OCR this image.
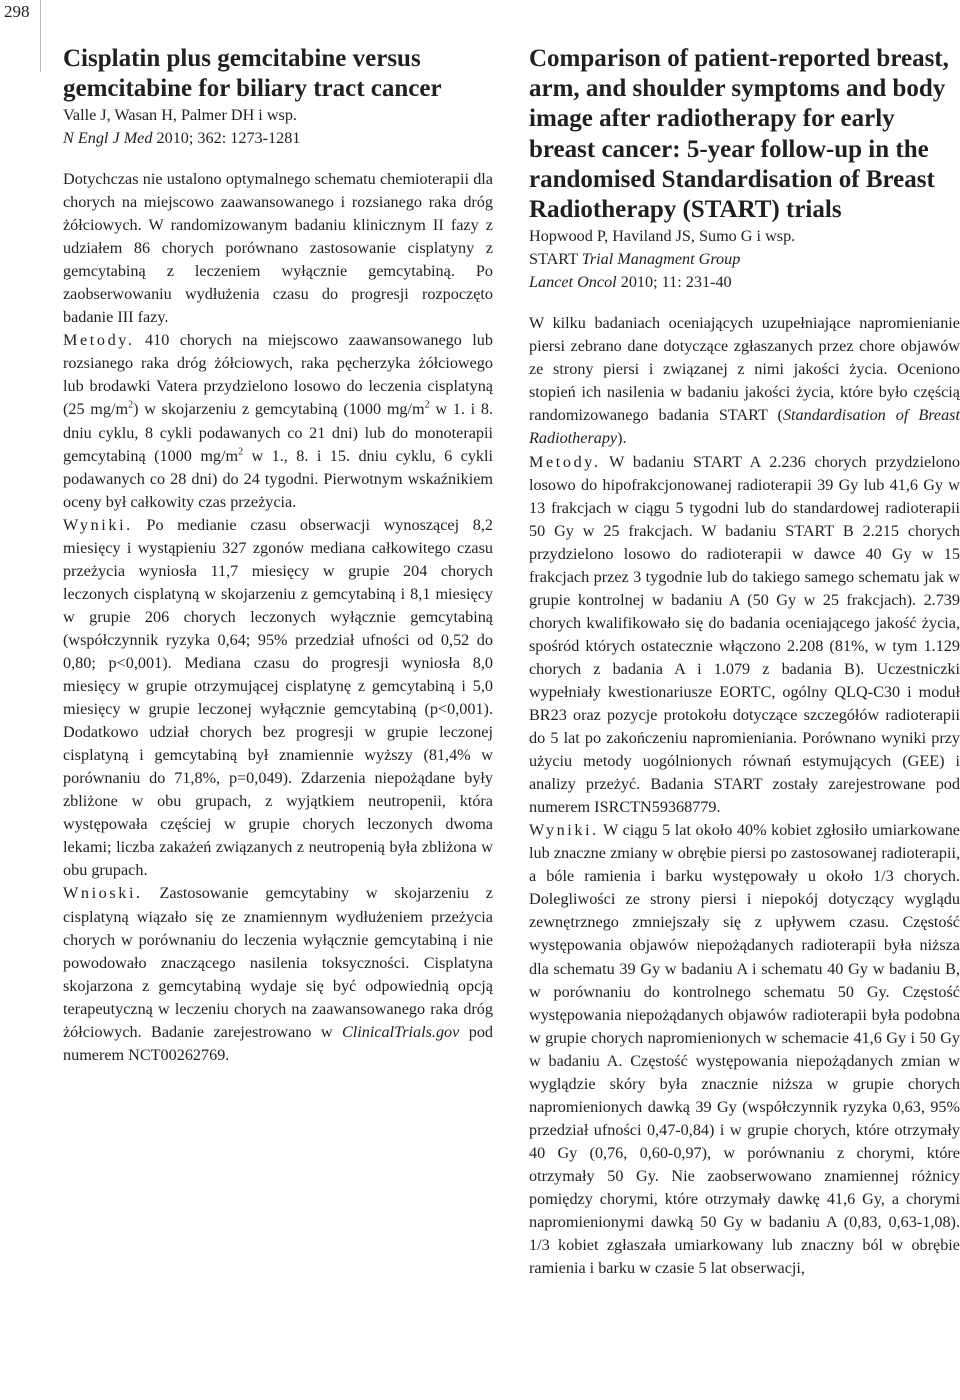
298
Cisplatin plus gemcitabine versus gemcitabine for biliary tract cancer

Valle J, Wasan H, Palmer DH i wsp.

N Engl J Med 2010; 362: 1273-1281

Dotychczas nie ustalono optymalnego schematu chemioterapii dla chorych na miejscowo zaawansowanego i rozsianego raka dróg żółciowych. W randomizowanym badaniu klinicznym II fazy z udziałem 86 chorych porównano zastosowanie cisplatyny z gemcytabiną z leczeniem wyłącznie gemcytabiną. Po zaobserwowaniu wydłużenia czasu do progresji rozpoczęto badanie III fazy.

Metody. 410 chorych na miejscowo zaawansowanego lub rozsianego raka dróg żółciowych, raka pęcherzyka żółciowego lub brodawki Vatera przydzielono losowo do leczenia cisplatyną (25 $mg/m^2$) w skojarzeniu z gemcytabiną (1000 $mg/m^2$ w 1. i 8. dniu cyklu, 8 cykli podawanych co 21 dni) lub do monoterapii gemcytabiną (1000 $mg/m^2$ w 1., 8. i 15. dniu cyklu, 6 cykli podawanych co 28 dni) do 24 tygodni. Pierwotnym wskaźnikiem oceny był całkowity czas przeżycia.

Wyniki. Po medianie czasu obserwacji wynoszącej 8,2 miesięcy i wystąpieniu 327 zgonów mediana całkowitego czasu przeżycia wyniosła 11,7 miesięcy w grupie 204 chorych leczonych cisplatyną w skojarzeniu z gemcytabiną i 8,1 miesięcy w grupie 206 chorych leczonych wyłącznie gemcytabiną (współczynnik ryzyka 0,64; 95% przedział ufności od 0,52 do 0,80; p<0,001). Mediana czasu do progresji wyniosła 8,0 miesięcy w grupie otrzymującej cisplatynę z gemcytabiną i 5,0 miesięcy w grupie leczonej wyłącznie gemcytabiną (p<0,001). Dodatkowo udział chorych bez progresji w grupie leczonej cisplatyną i gemcytabiną był znamiennie wyższy (81,4% w porównaniu do 71,8%, p=0,049). Zdarzenia niepożądane były zbliżone w obu grupach, z wyjątkiem neutropenii, która występowała częściej w grupie chorych leczonych dwoma lekami; liczba zakażeń związanych z neutropenią była zbliżona w obu grupach.

Wnioski. Zastosowanie gemcytabiny w skojarzeniu z cisplatyną wiązało się ze znamiennym wydłużeniem przeżycia chorych w porównaniu do leczenia wyłącznie gemcytabiną i nie powodowało znaczącego nasilenia toksyczności. Cisplatyna skojarzona z gemcytabiną wydaje się być odpowiednią opcją terapeutyczną w leczeniu chorych na zaawansowanego raka dróg żółciowych. Badanie zarejestrowano w ClinicalTrials.gov pod numerem NCT00262769.

Comparison of patient-reported breast, arm, and shoulder symptoms and body image after radiotherapy for early breast cancer: 5-year follow-up in the randomised Standardisation of Breast Radiotherapy (START) trials

Hopwood P, Haviland JS, Sumo G i wsp.

START Trial Managment Group

Lancet Oncol 2010; 11: 231-40

W kilku badaniach oceniających uzupełniające napromienianie piersi zebrano dane dotyczące zgłaszanych przez chore objawów ze strony piersi i związanej z nimi jakości życia. Oceniono stopień ich nasilenia w badaniu jakości życia, które było częścią randomizowanego badania START (Standardisation of Breast Radiotherapy).

Metody. W badaniu START A 2.236 chorych przydzielono losowo do hipofrakcjonowanej radioterapii 39 Gy lub 41,6 Gy w 13 frakcjach w ciągu 5 tygodni lub do standardowej radioterapii 50 Gy w 25 frakcjach. W badaniu START B 2.215 chorych przydzielono losowo do radioterapii w dawce 40 Gy w 15 frakcjach przez 3 tygodnie lub do takiego samego schematu jak w grupie kontrolnej w badaniu A (50 Gy w 25 frakcjach). 2.739 chorych kwalifikowało się do badania oceniającego jakość życia, spośród których ostatecznie włączono 2.208 (81%, w tym 1.129 chorych z badania A i 1.079 z badania B). Uczestniczki wypełniały kwestionariusze EORTC, ogólny QLQ-C30 i moduł BR23 oraz pozycje protokołu dotyczące szczegółów radioterapii do 5 lat po zakończeniu napromieniania. Porównano wyniki przy użyciu metody uogólnionych równań estymujących (GEE) i analizy przeżyć. Badania START zostały zarejestrowane pod numerem ISRCTN59368779.

Wyniki. W ciągu 5 lat około 40% kobiet zgłosiło umiarkowane lub znaczne zmiany w obrębie piersi po zastosowanej radioterapii, a bóle ramienia i barku występowały u około 1/3 chorych. Dolegliwości ze strony piersi i niepokój dotyczący wyglądu zewnętrznego zmniejszały się z upływem czasu. Częstość występowania objawów niepożądanych radioterapii była niższa dla schematu 39 Gy w badaniu A i schematu 40 Gy w badaniu B, w porównaniu do kontrolnego schematu 50 Gy. Częstość występowania niepożądanych objawów radioterapii była podobna w grupie chorych napromienionych w schemacie 41,6 Gy i 50 Gy w badaniu A. Częstość występowania niepożądanych zmian w wyglądzie skóry była znacznie niższa w grupie chorych napromienionych dawką 39 Gy (współczynnik ryzyka 0,63, 95% przedział ufności 0,47-0,84) i w grupie chorych, które otrzymały 40 Gy (0,76, 0,60-0,97), w porównaniu z chorymi, które otrzymały 50 Gy. Nie zaobserwowano znamiennej różnicy pomiędzy chorymi, które otrzymały dawkę 41,6 Gy, a chorymi napromienionymi dawką 50 Gy w badaniu A (0,83, 0,63-1,08). 1/3 kobiet zgłaszała umiarkowany lub znaczny ból w obrębie ramienia i barku w czasie 5 lat obserwacji,
